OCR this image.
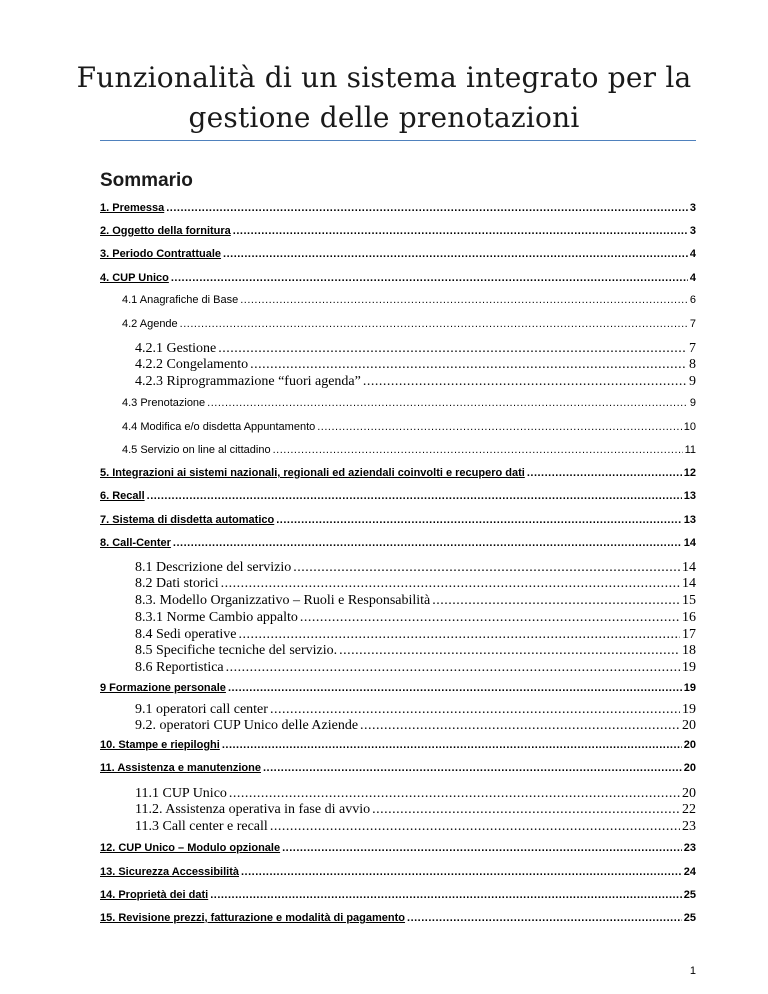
Funzionalità di un sistema integrato per la
gestione delle prenotazioni
Sommario
1. Premessa .....	3
2. Oggetto della fornitura .....	3
3. Periodo Contrattuale .....	4
4. CUP Unico .....	4
4.1 Anagrafiche di Base .....	6
4.2 Agende .....	7
4.2.1 Gestione .....	7
4.2.2 Congelamento .....	8
4.2.3 Riprogrammazione “fuori agenda” .....	9
4.3 Prenotazione .....	9
4.4 Modifica e/o disdetta Appuntamento .....	10
4.5 Servizio on line al cittadino .....	11
5. Integrazioni ai sistemi nazionali, regionali ed aziendali coinvolti e recupero dati .....	12
6. Recall .....	13
7. Sistema di disdetta automatico .....	13
8. Call-Center .....	14
8.1 Descrizione del servizio .....	14
8.2 Dati storici .....	14
8.3. Modello Organizzativo – Ruoli e Responsabilità .....	15
8.3.1 Norme Cambio appalto .....	16
8.4 Sedi operative .....	17
8.5 Specifiche tecniche del servizio. .....	18
8.6 Reportistica .....	19
9 Formazione personale .....	19
9.1 operatori call center .....	19
9.2. operatori CUP Unico delle Aziende .....	20
10. Stampe e riepiloghi .....	20
11. Assistenza e manutenzione .....	20
11.1 CUP Unico .....	20
11.2. Assistenza operativa in fase di avvio .....	22
11.3 Call center e recall .....	23
12. CUP Unico – Modulo opzionale .....	23
13. Sicurezza Accessibilità .....	24
14. Proprietà dei dati .....	25
15. Revisione prezzi, fatturazione e modalità di pagamento .....	25
1
